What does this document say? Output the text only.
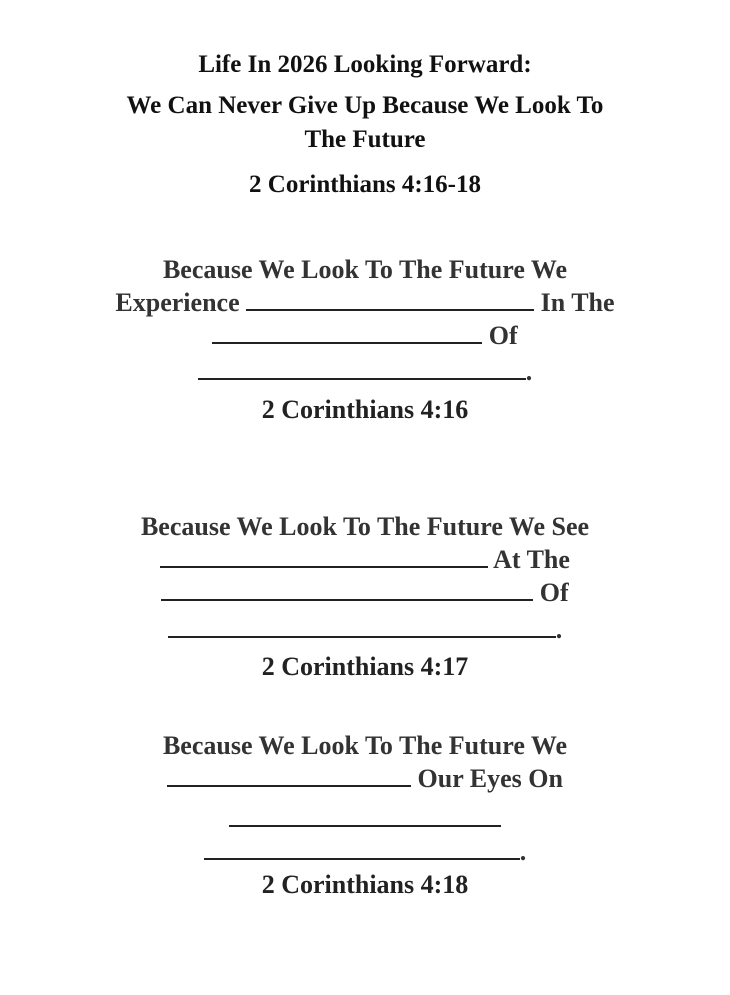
Life In 2026 Looking Forward:
We Can Never Give Up Because We Look To
The Future
2 Corinthians 4:16-18
Because We Look To The Future We
Experience	In The
Of
.
2 Corinthians 4:16
Because We Look To The Future We See
At The
Of
.
2 Corinthians 4:17
Because We Look To The Future We
Our Eyes On
.
2 Corinthians 4:18
